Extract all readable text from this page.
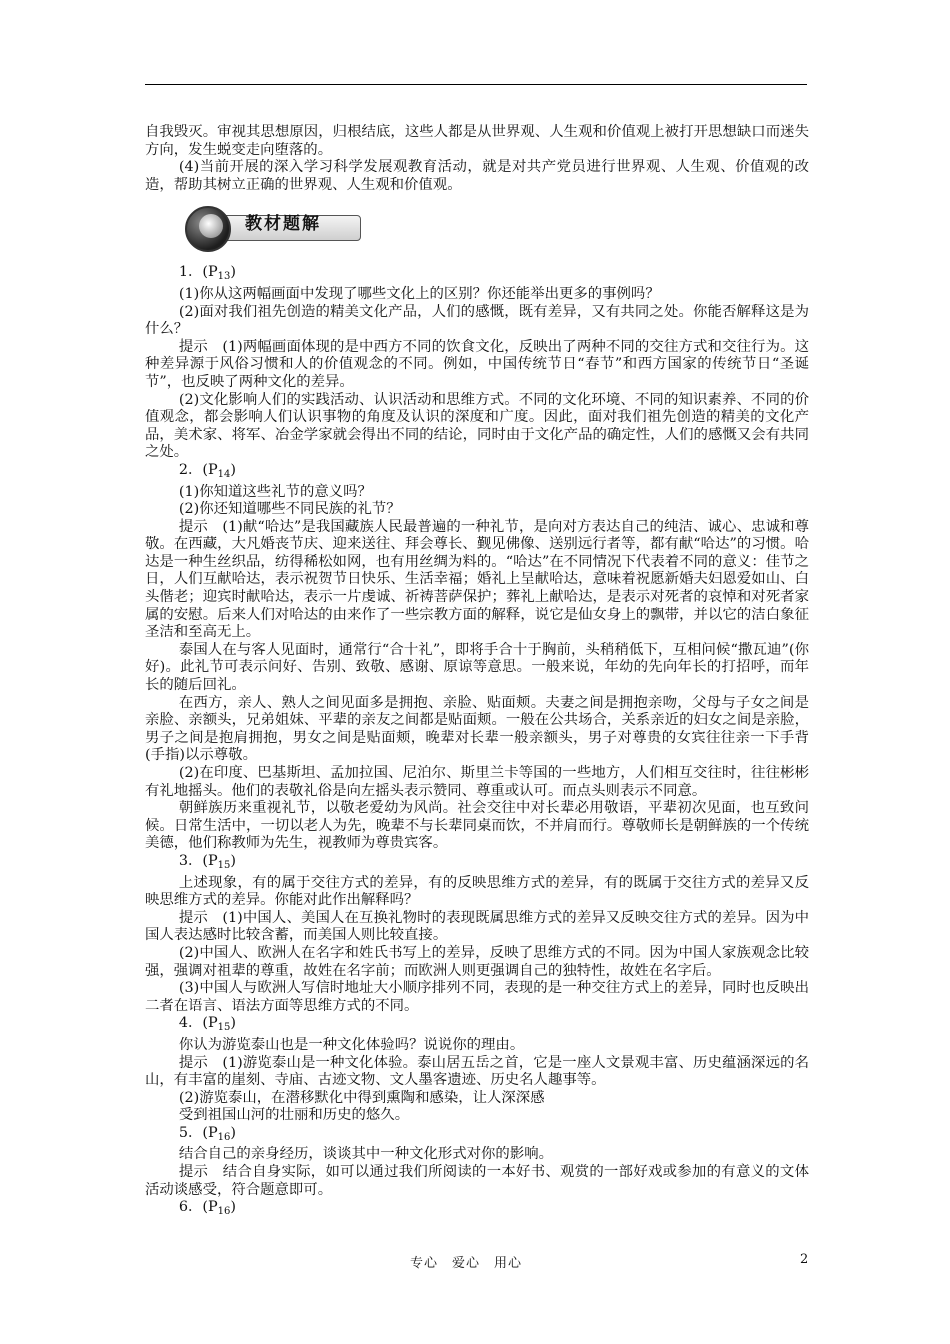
自我毁灭。审视其思想原因，归根结底，这些人都是从世界观、人生观和价值观上被打开思想缺口而迷失方向，发生蜕变走向堕落的。

(4)当前开展的深入学习科学发展观教育活动，就是对共产党员进行世界观、人生观、价值观的改造，帮助其树立正确的世界观、人生观和价值观。

教材题解

1．$(P_{13})$

(1)你从这两幅画面中发现了哪些文化上的区别？你还能举出更多的事例吗？

(2)面对我们祖先创造的精美文化产品，人们的感慨，既有差异，又有共同之处。你能否解释这是为什么？

提示　(1)两幅画面体现的是中西方不同的饮食文化，反映出了两种不同的交往方式和交往行为。这种差异源于风俗习惯和人的价值观念的不同。例如，中国传统节日“春节”和西方国家的传统节日“圣诞节”，也反映了两种文化的差异。

(2)文化影响人们的实践活动、认识活动和思维方式。不同的文化环境、不同的知识素养、不同的价值观念，都会影响人们认识事物的角度及认识的深度和广度。因此，面对我们祖先创造的精美的文化产品，美术家、将军、冶金学家就会得出不同的结论，同时由于文化产品的确定性，人们的感慨又会有共同之处。

2．$(P_{14})$

(1)你知道这些礼节的意义吗？

(2)你还知道哪些不同民族的礼节？

提示　(1)献“哈达”是我国藏族人民最普遍的一种礼节，是向对方表达自己的纯洁、诚心、忠诚和尊敬。在西藏，大凡婚丧节庆、迎来送往、拜会尊长、觐见佛像、送别远行者等，都有献“哈达”的习惯。哈达是一种生丝织品，纺得稀松如网，也有用丝绸为料的。“哈达”在不同情况下代表着不同的意义：佳节之日，人们互献哈达，表示祝贺节日快乐、生活幸福；婚礼上呈献哈达，意味着祝愿新婚夫妇恩爱如山、白头偕老；迎宾时献哈达，表示一片虔诚、祈祷菩萨保护；葬礼上献哈达，是表示对死者的哀悼和对死者家属的安慰。后来人们对哈达的由来作了一些宗教方面的解释，说它是仙女身上的飘带，并以它的洁白象征圣洁和至高无上。

泰国人在与客人见面时，通常行“合十礼”，即将手合十于胸前，头稍稍低下，互相问候“撒瓦迪”(你好)。此礼节可表示问好、告别、致敬、感谢、原谅等意思。一般来说，年幼的先向年长的打招呼，而年长的随后回礼。

在西方，亲人、熟人之间见面多是拥抱、亲脸、贴面颊。夫妻之间是拥抱亲吻，父母与子女之间是亲脸、亲额头，兄弟姐妹、平辈的亲友之间都是贴面颊。一般在公共场合，关系亲近的妇女之间是亲脸，男子之间是抱肩拥抱，男女之间是贴面颊，晚辈对长辈一般亲额头，男子对尊贵的女宾往往亲一下手背(手指)以示尊敬。

(2)在印度、巴基斯坦、孟加拉国、尼泊尔、斯里兰卡等国的一些地方，人们相互交往时，往往彬彬有礼地摇头。他们的表敬礼俗是向左摇头表示赞同、尊重或认可。而点头则表示不同意。

朝鲜族历来重视礼节，以敬老爱幼为风尚。社会交往中对长辈必用敬语，平辈初次见面，也互致问候。日常生活中，一切以老人为先，晚辈不与长辈同桌而饮，不并肩而行。尊敬师长是朝鲜族的一个传统美德，他们称教师为先生，视教师为尊贵宾客。

3．$(P_{15})$

上述现象，有的属于交往方式的差异，有的反映思维方式的差异，有的既属于交往方式的差异又反映思维方式的差异。你能对此作出解释吗？

提示　(1)中国人、美国人在互换礼物时的表现既属思维方式的差异又反映交往方式的差异。因为中国人表达感时比较含蓄，而美国人则比较直接。

(2)中国人、欧洲人在名字和姓氏书写上的差异，反映了思维方式的不同。因为中国人家族观念比较强，强调对祖辈的尊重，故姓在名字前；而欧洲人则更强调自己的独特性，故姓在名字后。

(3)中国人与欧洲人写信时地址大小顺序排列不同，表现的是一种交往方式上的差异，同时也反映出二者在语言、语法方面等思维方式的不同。

4．$(P_{15})$

你认为游览泰山也是一种文化体验吗？说说你的理由。

提示　(1)游览泰山是一种文化体验。泰山居五岳之首，它是一座人文景观丰富、历史蕴涵深远的名山，有丰富的崖刻、寺庙、古迹文物、文人墨客遗迹、历史名人趣事等。

(2)游览泰山，在潜移默化中得到熏陶和感染，让人深深感

受到祖国山河的壮丽和历史的悠久。

5．$(P_{16})$

结合自己的亲身经历，谈谈其中一种文化形式对你的影响。

提示　结合自身实际，如可以通过我们所阅读的一本好书、观赏的一部好戏或参加的有意义的文体活动谈感受，符合题意即可。

6．$(P_{16})$

专心　爱心　用心	2
